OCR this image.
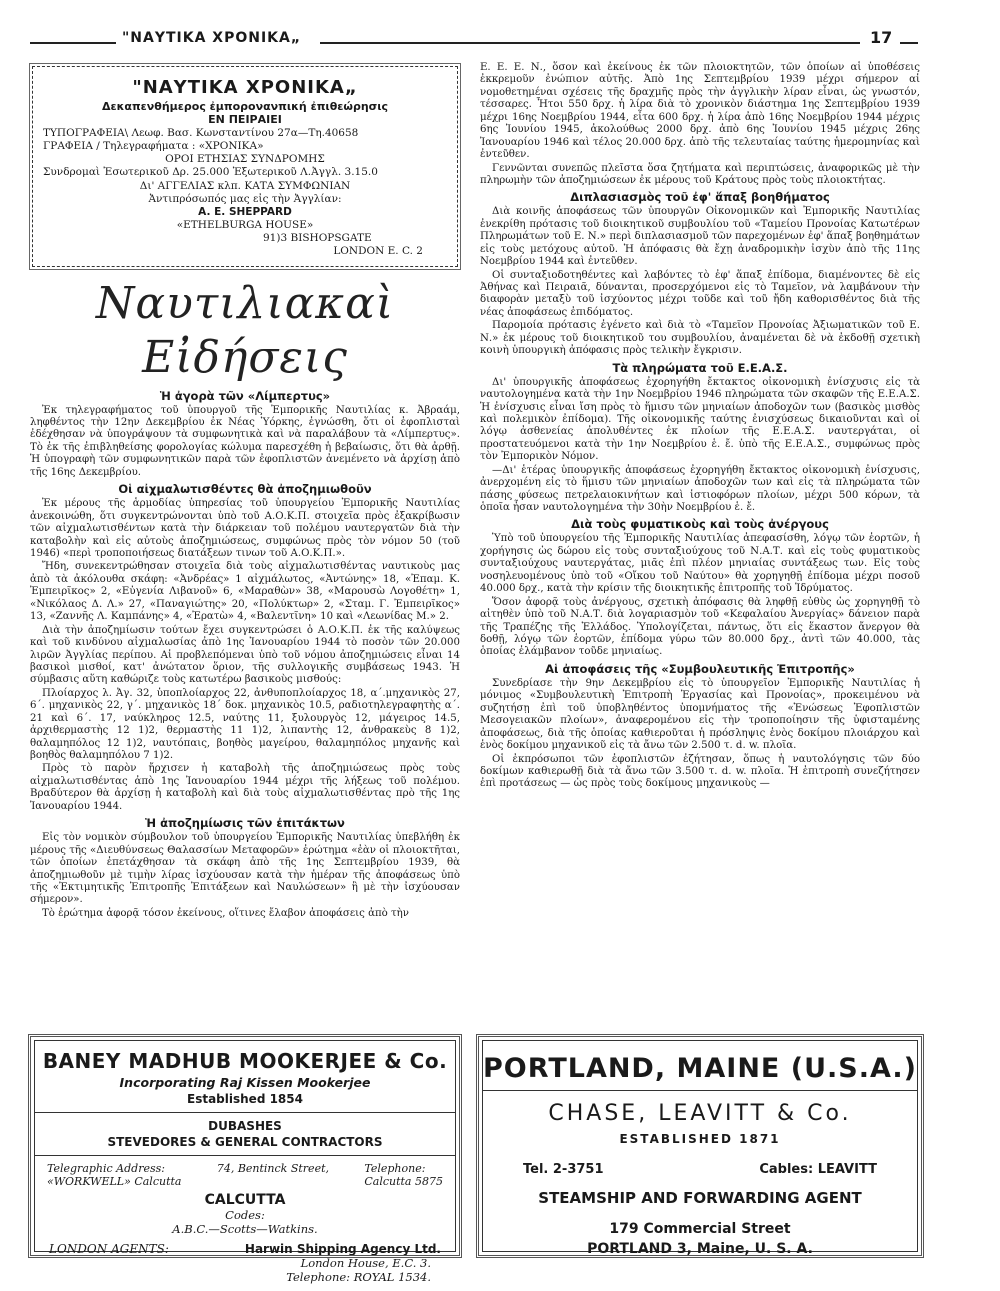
"ΝΑΥΤΙΚΑ ΧΡΟΝΙΚΑ„	17
"ΝΑΥΤΙΚΑ ΧΡΟΝΙΚΑ„
Δεκαπενθήμερος ἐμπορονανπική ἐπιθεώρησις
ΕΝ ΠΕΙΡΑΙΕΙ
ΤΥΠΟΓΡΑΦΕΙΑ\ Λεωφ. Βασ. Κωνσταντίνου 27α—Τη.40658
ΓΡΑΦΕΙΑ / Τηλεγραφήματα : «ΧΡΟΝΙΚΑ»
ΟΡΟΙ ΕΤΗΣΙΑΣ ΣΥΝΔΡΟΜΗΣ
Συνδρομαὶ Ἐσωτερικοῦ Δρ. 25.000 Ἐξωτερικοῦ Λ.Ἀγγλ. 3.15.0
Δι' ΑΓΓΕΛΙΑΣ κλπ. ΚΑΤΑ ΣΥΜΦΩΝΙΑΝ
Ἀντιπρόσωπός μας εἰς τὴν Ἀγγλίαν:
A. E. SHEPPARD
«ETHELBURGA HOUSE»
91)3 BISHOPSGATE
LONDON E. C. 2
Ναυτιλιακαὶ Εἰδήσεις
Ἡ ἀγορὰ τῶν «Λίμπερτυς»

Ἐκ τηλεγραφήματος τοῦ ὑπουργοῦ τῆς Ἐμπορικῆς Ναυτιλίας κ. Ἀβραάμ, ληφθέντος τὴν 12ην Δεκεμβρίου ἐκ Νέας Ὑόρκης, ἐγνώσθη, ὅτι οἱ ἐφοπλισταὶ ἐδέχθησαν νὰ ὑπογράψουν τὰ συμφωνητικὰ καὶ νὰ παραλάβουν τὰ «Λίμπερτυς». Τὸ ἐκ τῆς ἐπιβληθείσης φορολογίας κώλυμα παρεσχέθη ἡ βεβαίωσις, ὅτι θὰ ἀρθῇ. Ἡ ὑπογραφὴ τῶν συμφωνητικῶν παρὰ τῶν ἐφοπλιστῶν ἀνεμένετο νὰ ἀρχίσῃ ἀπὸ τῆς 16ης Δεκεμβρίου.

Οἱ αἰχμαλωτισθέντες θὰ ἀποζημιωθοῦν

Ἐκ μέρους τῆς ἁρμοδίας ὑπηρεσίας τοῦ ὑπουργείου Ἐμπορικῆς Ναυτιλίας ἀνεκοινώθη, ὅτι συγκεντρώνονται ὑπὸ τοῦ Α.Ο.Κ.Π. στοιχεῖα πρὸς ἐξακρίβωσιν τῶν αἰχμαλωτισθέντων κατὰ τὴν διάρκειαν τοῦ πολέμου ναυτεργατῶν διὰ τὴν καταβολὴν καὶ εἰς αὐτοὺς ἀποζημιώσεως, συμφώνως πρὸς τὸν νόμον 50 (τοῦ 1946) «περὶ τροποποιήσεως διατάξεων τινων τοῦ Α.Ο.Κ.Π.».

Ἤδη, συνεκεντρώθησαν στοιχεῖα διὰ τοὺς αἰχμαλωτισθέντας ναυτικοὺς μας ἀπὸ τὰ ἀκόλουθα σκάφη: «Ἀνδρέας» 1 αἰχμάλωτος, «Ἀντώνης» 18, «Ἐπαμ. Κ. Ἐμπειρῖκος» 2, «Εὐγενία Λιβανοῦ» 6, «Μαραθὼν» 38, «Μαρουσὼ Λογοθέτη» 1, «Νικόλαος Δ. Λ.» 27, «Παναγιώτης» 20, «Πολύκτωρ» 2, «Σταμ. Γ. Ἐμπειρῖκος» 13, «Ζαννῆς Λ. Καμπάνης» 4, «Ἐρατὼ» 4, «Βαλεντῖνη» 10 καὶ «Λεωνίδας Μ.» 2.

Διὰ τὴν ἀποζημίωσιν τούτων ἔχει συγκεντρώσει ὁ Α.Ο.Κ.Π. ἐκ τῆς καλύψεως καὶ τοῦ κινδύνου αἰχμαλωσίας ἀπὸ 1ης Ἰανουαρίου 1944 τὸ ποσὸν τῶν 20.000 λιρῶν Ἀγγλίας περίπου. Αἱ προβλεπόμεναι ὑπὸ τοῦ νόμου ἀποζημιώσεις εἶναι 14 βασικοὶ μισθοί, κατ' ἀνώτατον ὅριον, τῆς συλλογικῆς συμβάσεως 1943. Ἡ σύμβασις αὕτη καθώριζε τοὺς κατωτέρω βασικοὺς μισθούς:

Πλοίαρχος λ. Ἀγ. 32, ὑποπλοίαρχος 22, ἀνθυποπλοίαρχος 18, α΄.μηχανικὸς 27, 6΄. μηχανικὸς 22, γ΄. μηχανικὸς 18΄ δοκ. μηχανικὸς 10.5, ραδιοτηλεγραφητὴς α΄. 21 καὶ 6΄. 17, ναύκληρος 12.5, ναύτης 11, ξυλουργὸς 12, μάγειρος 14.5, ἀρχιθερμαστὴς 12 1)2, θερμαστὴς 11 1)2, λιπαντὴς 12, ἀνθρακεὺς 8 1)2, θαλαμηπόλος 12 1)2, ναυτόπαις, βοηθὸς μαγείρου, θαλαμηπόλος μηχανῆς καὶ βοηθὸς θαλαμηπόλου 7 1)2.

Πρὸς τὸ παρὸν ἤρχισεν ἡ καταβολὴ τῆς ἀποζημιώσεως πρὸς τοὺς αἰχμαλωτισθέντας ἀπὸ 1ης Ἰανουαρίου 1944 μέχρι τῆς λήξεως τοῦ πολέμου. Βραδύτερον θὰ ἀρχίσῃ ἡ καταβολὴ καὶ διὰ τοὺς αἰχμαλωτισθέντας πρὸ τῆς 1ης Ἰανουαρίου 1944.

Ἡ ἀποζημίωσις τῶν ἐπιτάκτων

Εἰς τὸν νομικὸν σύμβουλον τοῦ ὑπουργείου Ἐμπορικῆς Ναυτιλίας ὑπεβλήθη ἐκ μέρους τῆς «Διευθύνσεως Θαλασσίων Μεταφορῶν» ἐρώτημα «ἐὰν οἱ πλοιοκτῆται, τῶν ὁποίων ἐπετάχθησαν τὰ σκάφη ἀπὸ τῆς 1ης Σεπτεμβρίου 1939, θὰ ἀποζημιωθοῦν μὲ τιμὴν λίρας ἰσχύουσαν κατὰ τὴν ἡμέραν τῆς ἀποφάσεως ὑπὸ τῆς «Ἐκτιμητικῆς Ἐπιτροπῆς Ἐπιτάξεων καὶ Ναυλώσεων» ἢ μὲ τὴν ἰσχύουσαν σήμερον».

Τὸ ἐρώτημα ἀφορᾷ τόσον ἐκείνους, οἵτινες ἔλαβον ἀποφάσεις ἀπὸ τὴν

Ε. Ε. Ε. Ν., ὅσον καὶ ἐκείνους ἐκ τῶν πλοιοκτητῶν, τῶν ὁποίων αἱ ὑποθέσεις ἐκκρεμοῦν ἐνώπιον αὐτῆς. Ἀπὸ 1ης Σεπτεμβρίου 1939 μέχρι σήμερον αἱ νομοθετημέναι σχέσεις τῆς δραχμῆς πρὸς τὴν ἀγγλικὴν λίραν εἶναι, ὡς γνωστόν, τέσσαρες. Ἦτοι 550 δρχ. ἡ λίρα διὰ τὸ χρονικὸν διάστημα 1ης Σεπτεμβρίου 1939 μέχρι 16ης Νοεμβρίου 1944, εἶτα 600 δρχ. ἡ λίρα ἀπὸ 16ης Νοεμβρίου 1944 μέχρις 6ης Ἰουνίου 1945, ἀκολούθως 2000 δρχ. ἀπὸ 6ης Ἰουνίου 1945 μέχρις 26ης Ἰανουαρίου 1946 καὶ τέλος 20.000 δρχ. ἀπὸ τῆς τελευταίας ταύτης ἡμερομηνίας καὶ ἐντεῦθεν.

Γεννῶνται συνεπῶς πλεῖστα ὅσα ζητήματα καὶ περιπτώσεις, ἀναφορικῶς μὲ τὴν πληρωμὴν τῶν ἀποζημιώσεων ἐκ μέρους τοῦ Κράτους πρὸς τοὺς πλοιοκτήτας.

Διπλασιασμὸς τοῦ ἐφ' ἅπαξ βοηθήματος

Διὰ κοινῆς ἀποφάσεως τῶν ὑπουργῶν Οἰκονομικῶν καὶ Ἐμπορικῆς Ναυτιλίας ἐνεκρίθη πρότασις τοῦ διοικητικοῦ συμβουλίου τοῦ «Ταμείου Προνοίας Κατωτέρων Πληρωμάτων τοῦ Ε. Ν.» περὶ διπλασιασμοῦ τῶν παρεχομένων ἐφ' ἅπαξ βοηθημάτων εἰς τοὺς μετόχους αὐτοῦ. Ἡ ἀπόφασις θὰ ἔχῃ ἀναδρομικὴν ἰσχὺν ἀπὸ τῆς 11ης Νοεμβρίου 1944 καὶ ἐντεῦθεν.

Οἱ συνταξιοδοτηθέντες καὶ λαβόντες τὸ ἐφ' ἅπαξ ἐπίδομα, διαμένοντες δὲ εἰς Ἀθήνας καὶ Πειραιᾶ, δύνανται, προσερχόμενοι εἰς τὸ Ταμεῖον, νὰ λαμβάνουν τὴν διαφορὰν μεταξὺ τοῦ ἰσχύοντος μέχρι τοῦδε καὶ τοῦ ἤδη καθορισθέντος διὰ τῆς νέας ἀποφάσεως ἐπιδόματος.

Παρομοία πρότασις ἐγένετο καὶ διὰ τὸ «Ταμεῖον Προνοίας Ἀξιωματικῶν τοῦ Ε. Ν.» ἐκ μέρους τοῦ διοικητικοῦ του συμβουλίου, ἀναμένεται δὲ νὰ ἐκδοθῇ σχετικὴ κοινὴ ὑπουργικὴ ἀπόφασις πρὸς τελικὴν ἔγκρισιν.

Τὰ πληρώματα τοῦ Ε.Ε.Α.Σ.

Δι' ὑπουργικῆς ἀποφάσεως ἐχορηγήθη ἔκτακτος οἰκονομικὴ ἐνίσχυσις εἰς τὰ ναυτολογημένα κατὰ τὴν 1ην Νοεμβρίου 1946 πληρώματα τῶν σκαφῶν τῆς Ε.Ε.Α.Σ. Ἡ ἐνίσχυσις εἶναι ἴση πρὸς τὸ ἥμισυ τῶν μηνιαίων ἀποδοχῶν των (βασικὸς μισθὸς καὶ πολεμικὸν ἐπίδομα). Τῆς οἰκονομικῆς ταύτης ἐνισχύσεως δικαιοῦνται καὶ οἱ λόγῳ ἀσθενείας ἀπολυθέντες ἐκ πλοίων τῆς Ε.Ε.Α.Σ. ναυτεργάται, οἱ προστατευόμενοι κατὰ τὴν 1ην Νοεμβρίου ἑ. ἔ. ὑπὸ τῆς Ε.Ε.Α.Σ., συμφώνως πρὸς τὸν Ἐμπορικὸν Νόμον.

—Δι' ἑτέρας ὑπουργικῆς ἀποφάσεως ἐχορηγήθη ἔκτακτος οἰκονομικὴ ἐνίσχυσις, ἀνερχομένη εἰς τὸ ἥμισυ τῶν μηνιαίων ἀποδοχῶν των καὶ εἰς τὰ πληρώματα τῶν πάσης φύσεως πετρελαιοκινήτων καὶ ἱστιοφόρων πλοίων, μέχρι 500 κόρων, τὰ ὁποῖα ἦσαν ναυτολογημένα τὴν 30ὴν Νοεμβρίου ἑ. ἔ.

Διὰ τοὺς φυματικοὺς καὶ τοὺς ἀνέργους

Ὑπὸ τοῦ ὑπουργείου τῆς Ἐμπορικῆς Ναυτιλίας ἀπεφασίσθη, λόγῳ τῶν ἑορτῶν, ἡ χορήγησις ὡς δώρου εἰς τοὺς συνταξιούχους τοῦ Ν.Α.Τ. καὶ εἰς τοὺς φυματικοὺς συνταξιούχους ναυτεργάτας, μιᾶς ἐπὶ πλέον μηνιαίας συντάξεως των. Εἰς τοὺς νοσηλευομένους ὑπὸ τοῦ «Οἴκου τοῦ Ναύτου» θὰ χορηγηθῇ ἐπίδομα μέχρι ποσοῦ 40.000 δρχ., κατὰ τὴν κρίσιν τῆς διοικητικῆς ἐπιτροπῆς τοῦ Ἱδρύματος.

Ὅσον ἀφορᾷ τοὺς ἀνέργους, σχετικὴ ἀπόφασις θὰ ληφθῇ εὐθὺς ὡς χορηγηθῇ τὸ αἰτηθὲν ὑπὸ τοῦ Ν.Α.Τ. διὰ λογαριασμὸν τοῦ «Κεφαλαίου Ἀνεργίας» δάνειον παρὰ τῆς Τραπέζης τῆς Ἑλλάδος. Ὑπολογίζεται, πάντως, ὅτι εἰς ἕκαστον ἄνεργον θὰ δοθῇ, λόγῳ τῶν ἑορτῶν, ἐπίδομα γύρω τῶν 80.000 δρχ., ἀντὶ τῶν 40.000, τὰς ὁποίας ἐλάμβανον τοῦδε μηνιαίως.

Αἱ ἀποφάσεις τῆς «Συμβουλευτικῆς Ἐπιτροπῆς»

Συνεδρίασε τὴν 9ην Δεκεμβρίου εἰς τὸ ὑπουργεῖον Ἐμπορικῆς Ναυτιλίας ἡ μόνιμος «Συμβουλευτικὴ Ἐπιτροπὴ Ἐργασίας καὶ Προνοίας», προκειμένου νὰ συζητήσῃ ἐπὶ τοῦ ὑποβληθέντος ὑπομνήματος τῆς «Ἑνώσεως Ἐφοπλιστῶν Μεσογειακῶν πλοίων», ἀναφερομένου εἰς τὴν τροποποίησιν τῆς ὑφισταμένης ἀποφάσεως, διὰ τῆς ὁποίας καθιεροῦται ἡ πρόσληψις ἑνὸς δοκίμου πλοιάρχου καὶ ἑνὸς δοκίμου μηχανικοῦ εἰς τὰ ἄνω τῶν 2.500 τ. d. w. πλοῖα.

Οἱ ἐκπρόσωποι τῶν ἐφοπλιστῶν ἐζήτησαν, ὅπως ἡ ναυτολόγησις τῶν δύο δοκίμων καθιερωθῇ διὰ τὰ ἄνω τῶν 3.500 τ. d. w. πλοῖα. Ἡ ἐπιτροπὴ συνεζήτησεν ἐπὶ προτάσεως — ὡς πρὸς τοὺς δοκίμους μηχανικοὺς —

BANEY MADHUB MOOKERJEE & Co.
Incorporating Raj Kissen Mookerjee
Established 1854
DUBASHES
STEVEDORES & GENERAL CONTRACTORS
Telegraphic Address:
«WORKWELL» Calcutta
74, Bentinck Street,	Telephone:
Calcutta 5875
CALCUTTA
Codes:
A.B.C.—Scotts—Watkins.
LONDON AGENTS:	Harwin Shipping Agency Ltd.
London House, E.C. 3.
Telephone: ROYAL 1534.
PORTLAND, MAINE (U.S.A.)
CHASE, LEAVITT & Co.
ESTABLISHED 1871
Tel. 2-3751	Cables: LEAVITT
STEAMSHIP AND FORWARDING AGENT
179 Commercial Street
PORTLAND 3, Maine, U. S. A.
